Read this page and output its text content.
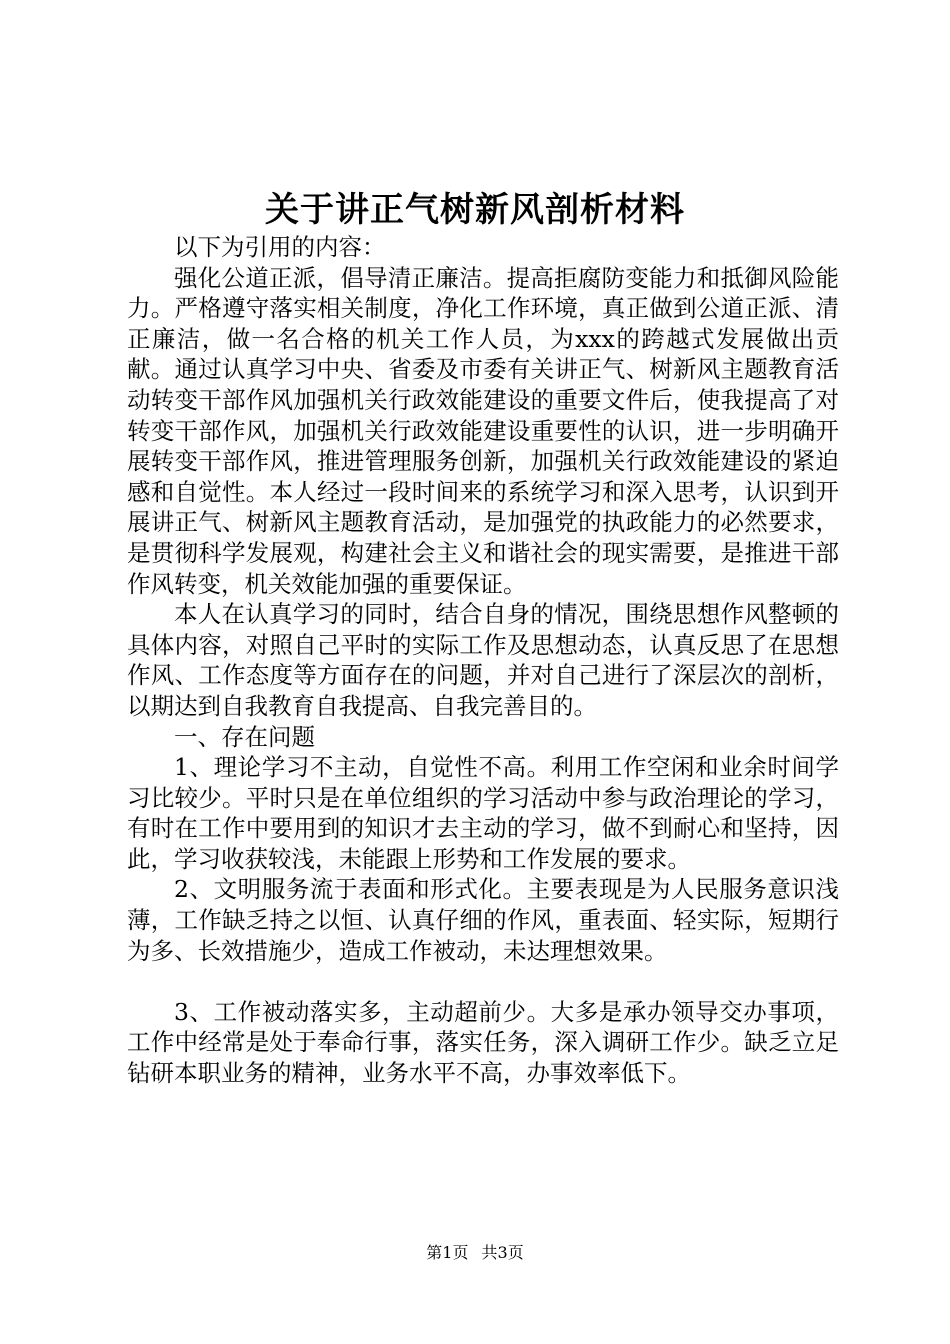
关于讲正气树新风剖析材料

以下为引用的内容：

强化公道正派，倡导清正廉洁。提高拒腐防变能力和抵御风险能力。严格遵守落实相关制度，净化工作环境，真正做到公道正派、清正廉洁，做一名合格的机关工作人员，为xxx的跨越式发展做出贡献。通过认真学习中央、省委及市委有关讲正气、树新风主题教育活动转变干部作风加强机关行政效能建设的重要文件后，使我提高了对转变干部作风，加强机关行政效能建设重要性的认识，进一步明确开展转变干部作风，推进管理服务创新，加强机关行政效能建设的紧迫感和自觉性。本人经过一段时间来的系统学习和深入思考，认识到开展讲正气、树新风主题教育活动，是加强党的执政能力的必然要求，是贯彻科学发展观，构建社会主义和谐社会的现实需要，是推进干部作风转变，机关效能加强的重要保证。

本人在认真学习的同时，结合自身的情况，围绕思想作风整顿的具体内容，对照自己平时的实际工作及思想动态，认真反思了在思想作风、工作态度等方面存在的问题，并对自己进行了深层次的剖析，以期达到自我教育自我提高、自我完善目的。

一、存在问题

1、理论学习不主动，自觉性不高。利用工作空闲和业余时间学习比较少。平时只是在单位组织的学习活动中参与政治理论的学习，有时在工作中要用到的知识才去主动的学习，做不到耐心和坚持，因此，学习收获较浅，未能跟上形势和工作发展的要求。

2、文明服务流于表面和形式化。主要表现是为人民服务意识浅薄，工作缺乏持之以恒、认真仔细的作风，重表面、轻实际，短期行为多、长效措施少，造成工作被动，未达理想效果。

3、工作被动落实多，主动超前少。大多是承办领导交办事项，工作中经常是处于奉命行事，落实任务，深入调研工作少。缺乏立足钻研本职业务的精神，业务水平不高，办事效率低下。

第1页 共3页
